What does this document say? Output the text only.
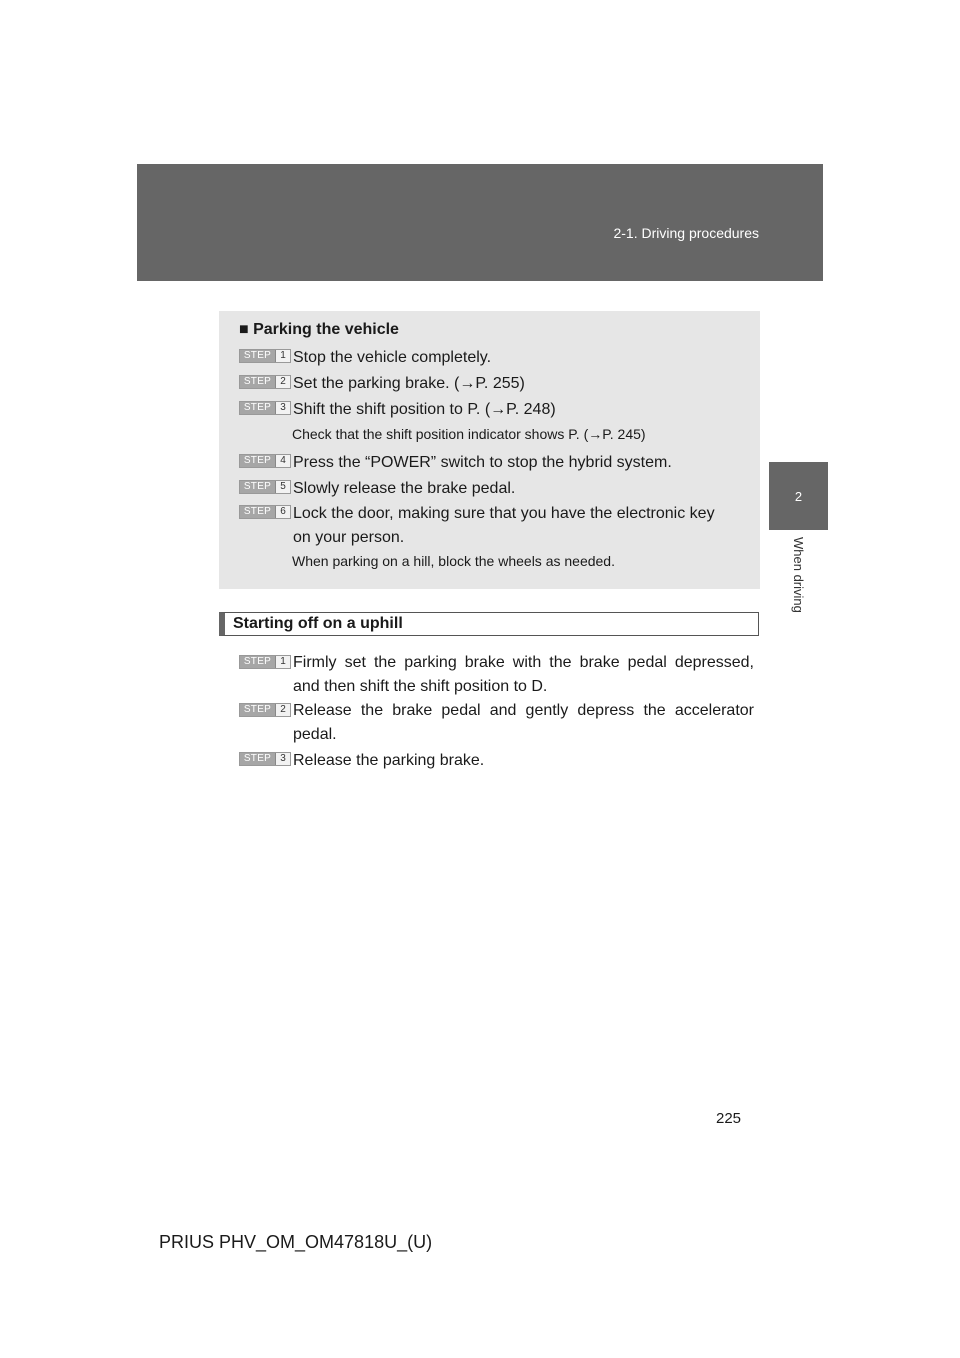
2-1. Driving procedures
2
When driving
■ Parking the vehicle
STEP 1 Stop the vehicle completely.
STEP 2 Set the parking brake. (→P. 255)
STEP 3 Shift the shift position to P. (→P. 248)
Check that the shift position indicator shows P. (→P. 245)
STEP 4 Press the “POWER” switch to stop the hybrid system.
STEP 5 Slowly release the brake pedal.
STEP 6 Lock the door, making sure that you have the electronic key
on your person.
When parking on a hill, block the wheels as needed.
Starting off on a uphill
STEP 1 Firmly set the parking brake with the brake pedal depressed,
and then shift the shift position to D.
STEP 2 Release the brake pedal and gently depress the accelerator
pedal.
STEP 3 Release the parking brake.
225
PRIUS PHV_OM_OM47818U_(U)
